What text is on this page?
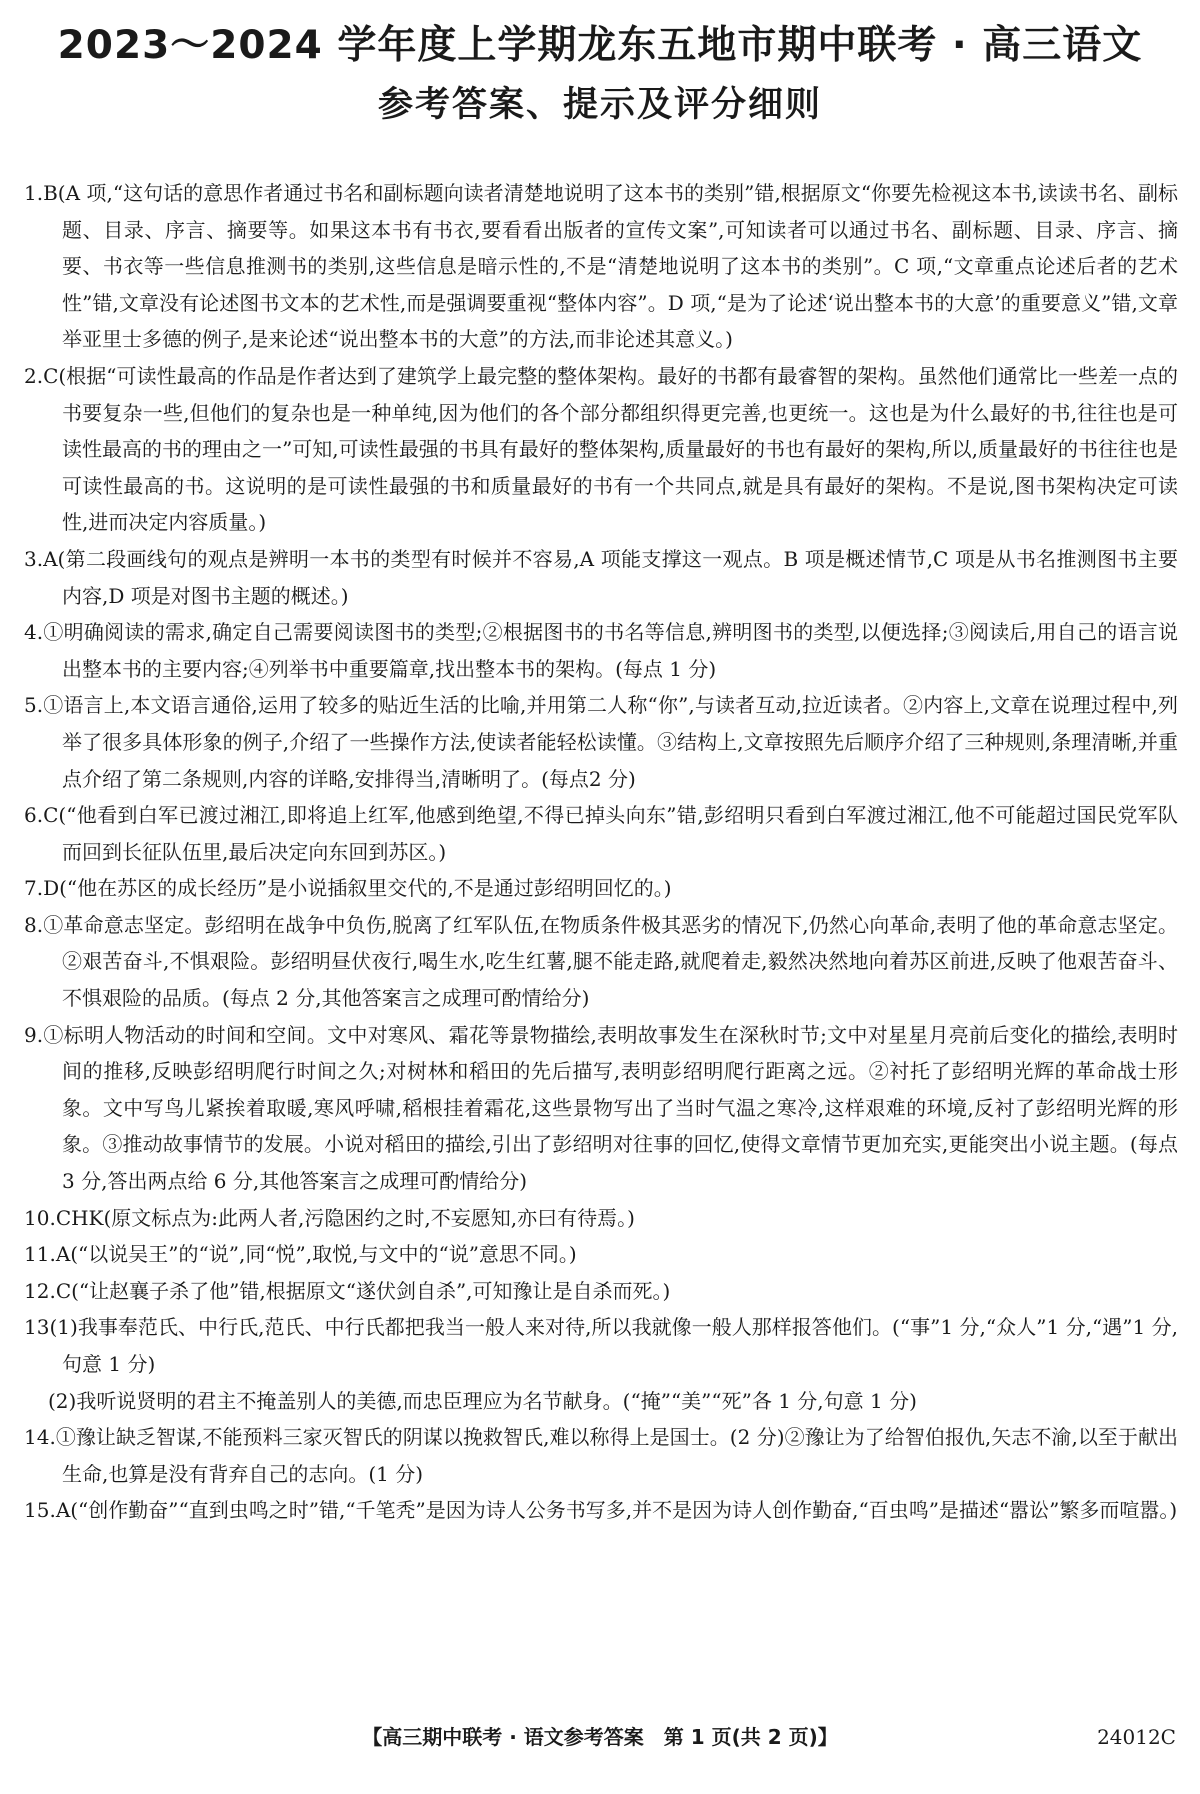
2023～2024 学年度上学期龙东五地市期中联考 · 高三语文
参考答案、提示及评分细则

1.B(A 项,“这句话的意思作者通过书名和副标题向读者清楚地说明了这本书的类别”错,根据原文“你要先检视这本书,读读书名、副标题、目录、序言、摘要等。如果这本书有书衣,要看看出版者的宣传文案”,可知读者可以通过书名、副标题、目录、序言、摘要、书衣等一些信息推测书的类别,这些信息是暗示性的,不是“清楚地说明了这本书的类别”。C 项,“文章重点论述后者的艺术性”错,文章没有论述图书文本的艺术性,而是强调要重视“整体内容”。D 项,“是为了论述‘说出整本书的大意’的重要意义”错,文章举亚里士多德的例子,是来论述“说出整本书的大意”的方法,而非论述其意义。)

2.C(根据“可读性最高的作品是作者达到了建筑学上最完整的整体架构。最好的书都有最睿智的架构。虽然他们通常比一些差一点的书要复杂一些,但他们的复杂也是一种单纯,因为他们的各个部分都组织得更完善,也更统一。这也是为什么最好的书,往往也是可读性最高的书的理由之一”可知,可读性最强的书具有最好的整体架构,质量最好的书也有最好的架构,所以,质量最好的书往往也是可读性最高的书。这说明的是可读性最强的书和质量最好的书有一个共同点,就是具有最好的架构。不是说,图书架构决定可读性,进而决定内容质量。)

3.A(第二段画线句的观点是辨明一本书的类型有时候并不容易,A 项能支撑这一观点。B 项是概述情节,C 项是从书名推测图书主要内容,D 项是对图书主题的概述。)

4.①明确阅读的需求,确定自己需要阅读图书的类型;②根据图书的书名等信息,辨明图书的类型,以便选择;③阅读后,用自己的语言说出整本书的主要内容;④列举书中重要篇章,找出整本书的架构。(每点 1 分)

5.①语言上,本文语言通俗,运用了较多的贴近生活的比喻,并用第二人称“你”,与读者互动,拉近读者。②内容上,文章在说理过程中,列举了很多具体形象的例子,介绍了一些操作方法,使读者能轻松读懂。③结构上,文章按照先后顺序介绍了三种规则,条理清晰,并重点介绍了第二条规则,内容的详略,安排得当,清晰明了。(每点2 分)

6.C(“他看到白军已渡过湘江,即将追上红军,他感到绝望,不得已掉头向东”错,彭绍明只看到白军渡过湘江,他不可能超过国民党军队而回到长征队伍里,最后决定向东回到苏区。)

7.D(“他在苏区的成长经历”是小说插叙里交代的,不是通过彭绍明回忆的。)

8.①革命意志坚定。彭绍明在战争中负伤,脱离了红军队伍,在物质条件极其恶劣的情况下,仍然心向革命,表明了他的革命意志坚定。②艰苦奋斗,不惧艰险。彭绍明昼伏夜行,喝生水,吃生红薯,腿不能走路,就爬着走,毅然决然地向着苏区前进,反映了他艰苦奋斗、不惧艰险的品质。(每点 2 分,其他答案言之成理可酌情给分)

9.①标明人物活动的时间和空间。文中对寒风、霜花等景物描绘,表明故事发生在深秋时节;文中对星星月亮前后变化的描绘,表明时间的推移,反映彭绍明爬行时间之久;对树林和稻田的先后描写,表明彭绍明爬行距离之远。②衬托了彭绍明光辉的革命战士形象。文中写鸟儿紧挨着取暖,寒风呼啸,稻根挂着霜花,这些景物写出了当时气温之寒冷,这样艰难的环境,反衬了彭绍明光辉的形象。③推动故事情节的发展。小说对稻田的描绘,引出了彭绍明对往事的回忆,使得文章情节更加充实,更能突出小说主题。(每点 3 分,答出两点给 6 分,其他答案言之成理可酌情给分)

10.CHK(原文标点为:此两人者,污隐困约之时,不妄愿知,亦曰有待焉。)

11.A(“以说吴王”的“说”,同“悦”,取悦,与文中的“说”意思不同。)

12.C(“让赵襄子杀了他”错,根据原文“遂伏剑自杀”,可知豫让是自杀而死。)

13(1)我事奉范氏、中行氏,范氏、中行氏都把我当一般人来对待,所以我就像一般人那样报答他们。(“事”1 分,“众人”1 分,“遇”1 分,句意 1 分)

(2)我听说贤明的君主不掩盖别人的美德,而忠臣理应为名节献身。(“掩”“美”“死”各 1 分,句意 1 分)

14.①豫让缺乏智谋,不能预料三家灭智氏的阴谋以挽救智氏,难以称得上是国士。(2 分)②豫让为了给智伯报仇,矢志不渝,以至于献出生命,也算是没有背弃自己的志向。(1 分)

15.A(“创作勤奋”“直到虫鸣之时”错,“千笔秃”是因为诗人公务书写多,并不是因为诗人创作勤奋,“百虫鸣”是描述“嚣讼”繁多而喧嚣。)

【高三期中联考 · 语文参考答案　第 1 页(共 2 页)】	24012C
